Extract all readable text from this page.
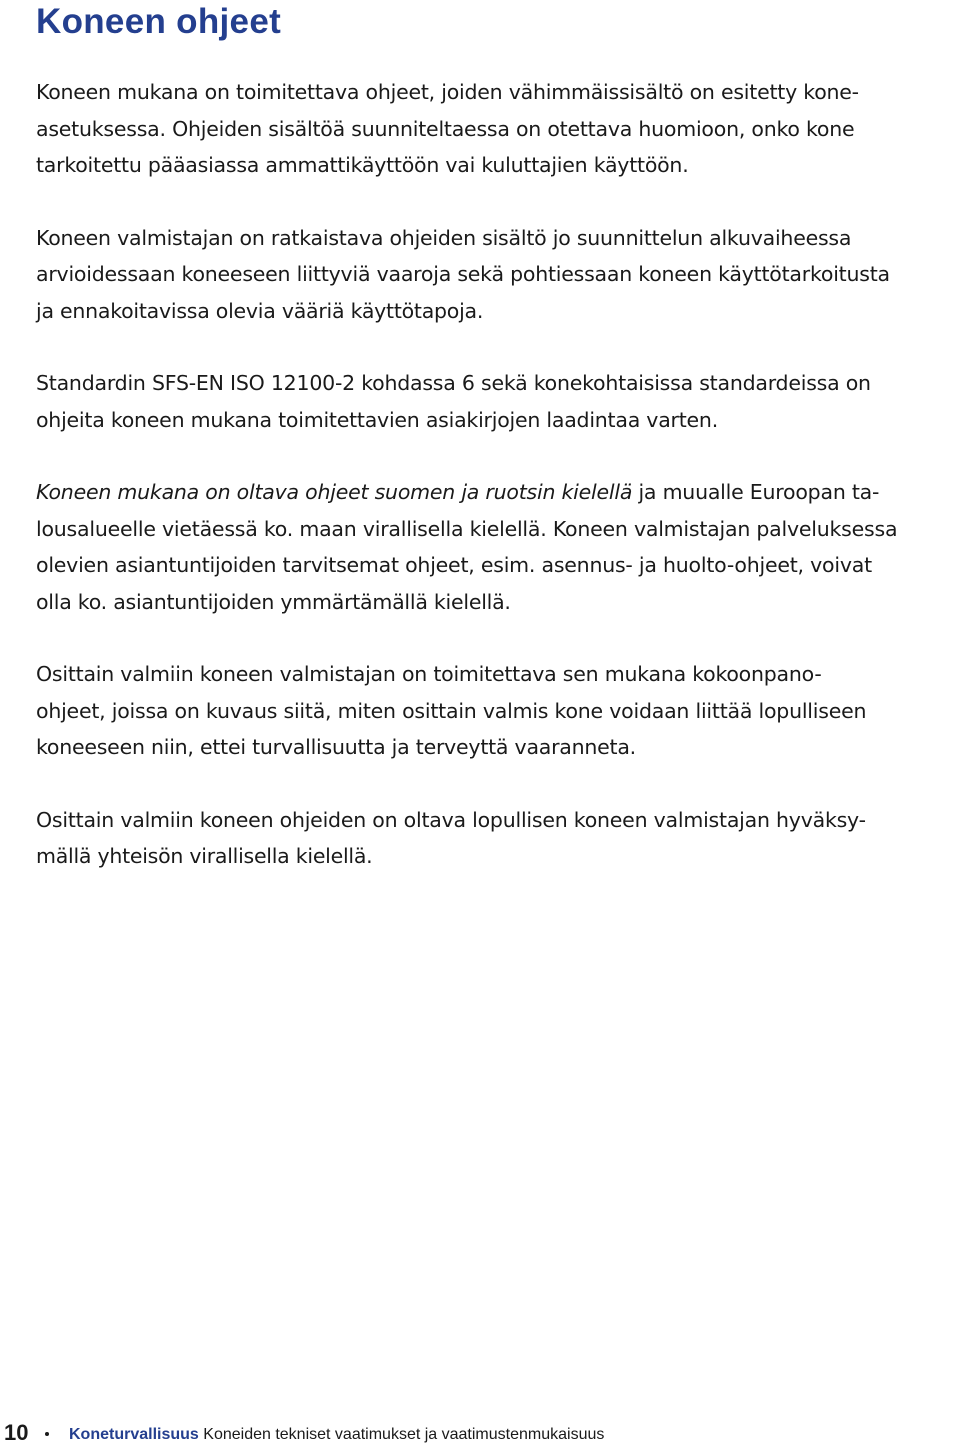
Koneen ohjeet

Koneen mukana on toimitettava ohjeet, joiden vähimmäissisältö on esitetty kone-
asetuksessa. Ohjeiden sisältöä suunniteltaessa on otettava huomioon, onko kone
tarkoitettu pääasiassa ammattikäyttöön vai kuluttajien käyttöön.

Koneen valmistajan on ratkaistava ohjeiden sisältö jo suunnittelun alkuvaiheessa
arvioidessaan koneeseen liittyviä vaaroja sekä pohtiessaan koneen käyttötarkoitusta
ja ennakoitavissa olevia vääriä käyttötapoja.

Standardin SFS-EN ISO 12100-2 kohdassa 6 sekä konekohtaisissa standardeissa on
ohjeita koneen mukana toimitettavien asiakirjojen laadintaa varten.

Koneen mukana on oltava ohjeet suomen ja ruotsin kielellä ja muualle Euroopan ta-
lousalueelle vietäessä ko. maan virallisella kielellä. Koneen valmistajan palveluksessa
olevien asiantuntijoiden tarvitsemat ohjeet, esim. asennus- ja huolto-ohjeet, voivat
olla ko. asiantuntijoiden ymmärtämällä kielellä.

Osittain valmiin koneen valmistajan on toimitettava sen mukana kokoonpano-
ohjeet, joissa on kuvaus siitä, miten osittain valmis kone voidaan liittää lopulliseen
koneeseen niin, ettei turvallisuutta ja terveyttä vaaranneta.

Osittain valmiin koneen ohjeiden on oltava lopullisen koneen valmistajan hyväksy-
mällä yhteisön virallisella kielellä.

10	Koneturvallisuus Koneiden tekniset vaatimukset ja vaatimustenmukaisuus
